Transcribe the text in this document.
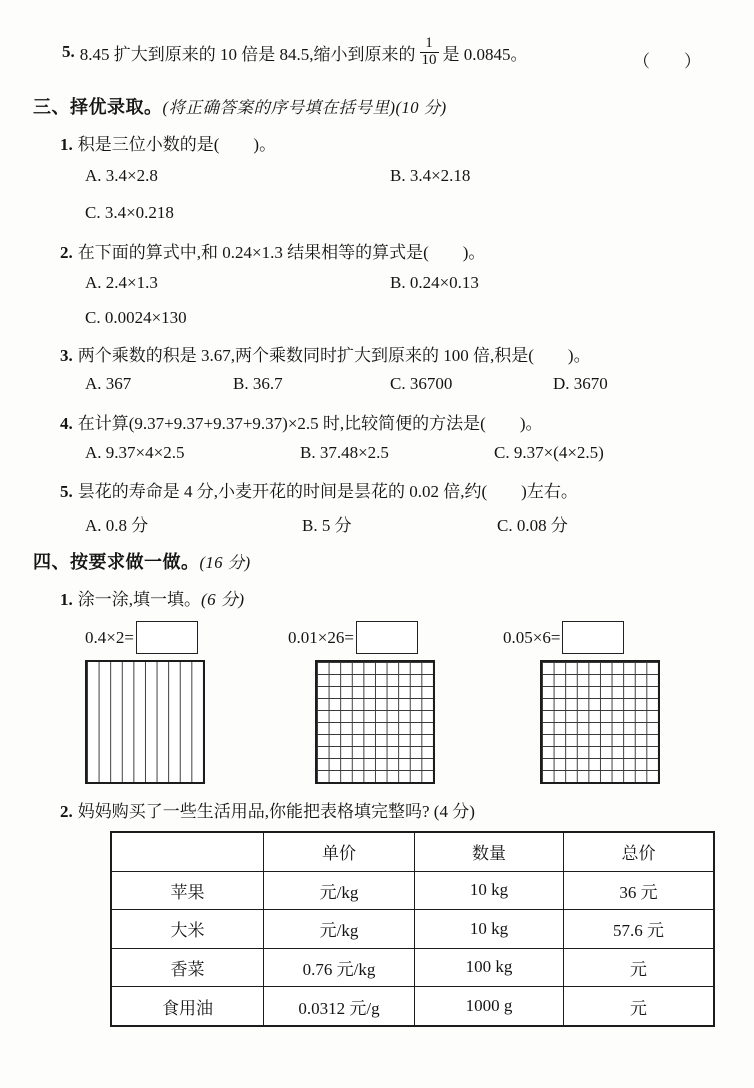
5. 8.45 扩大到原来的 10 倍是 84.5,缩小到原来的 $\frac{1}{10}$ 是 0.0845。	（　　）
三、择优录取。(将正确答案的序号填在括号里)(10 分)
1. 积是三位小数的是(　　)。
A. 3.4×2.8	B. 3.4×2.18
C. 3.4×0.218
2. 在下面的算式中,和 0.24×1.3 结果相等的算式是(　　)。
A. 2.4×1.3	B. 0.24×0.13
C. 0.0024×130
3. 两个乘数的积是 3.67,两个乘数同时扩大到原来的 100 倍,积是(　　)。
A. 367	B. 36.7	C. 36700	D. 3670
4. 在计算(9.37+9.37+9.37+9.37)×2.5 时,比较简便的方法是(　　)。
A. 9.37×4×2.5	B. 37.48×2.5	C. 9.37×(4×2.5)
5. 昙花的寿命是 4 分,小麦开花的时间是昙花的 0.02 倍,约(　　)左右。
A. 0.8 分	B. 5 分	C. 0.08 分
四、按要求做一做。(16 分)
1. 涂一涂,填一填。 (6 分)
0.4×2=	0.01×26=	0.05×6=
2. 妈妈购买了一些生活用品,你能把表格填完整吗? (4 分)
	单价	数量	总价
苹果	元/kg	10 kg	36 元
大米	元/kg	10 kg	57.6 元
香菜	0.76 元/kg	100 kg	元
食用油	0.0312 元/g	1000 g	元
